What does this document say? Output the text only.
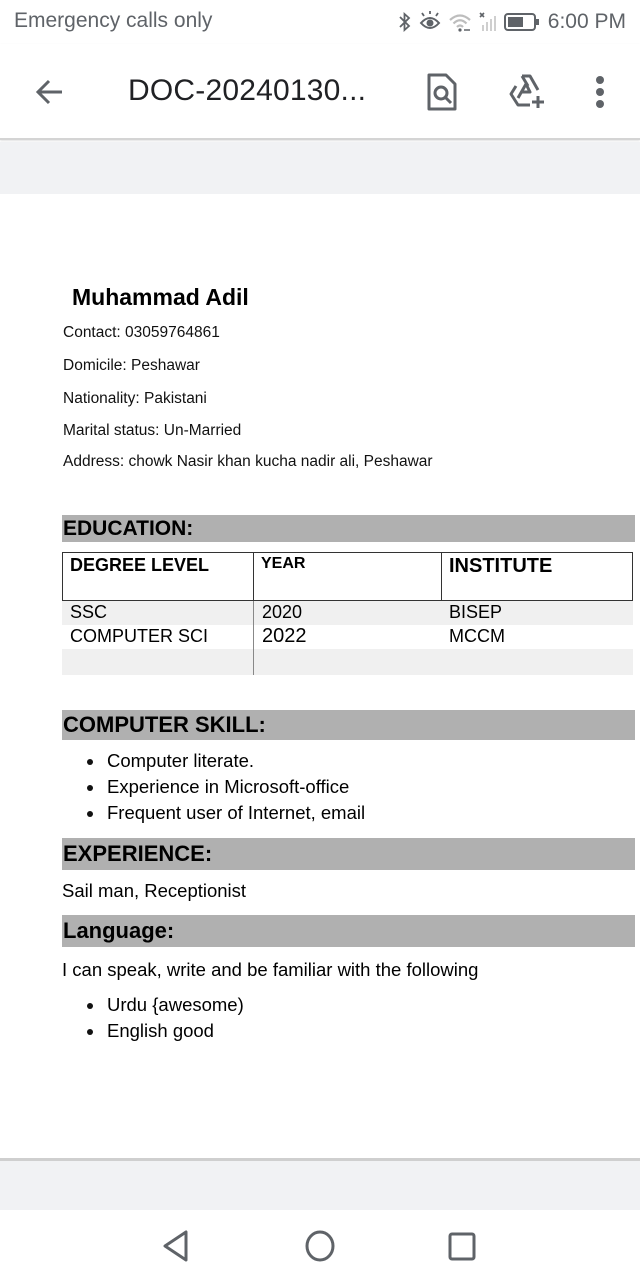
Emergency calls only	6:00 PM
DOC-20240130...
Muhammad Adil
Contact: 03059764861
Domicile: Peshawar
Nationality: Pakistani
Marital status: Un-Married
Address: chowk Nasir khan kucha nadir ali, Peshawar
EDUCATION:
DEGREE LEVEL	YEAR	INSTITUTE
SSC	2020	BISEP
COMPUTER SCI	2022	MCCM
COMPUTER SKILL:
Computer literate.
Experience in Microsoft-office
Frequent user of Internet, email
EXPERIENCE:
Sail man, Receptionist
Language:
I can speak, write and be familiar with the following
Urdu {awesome)
English good
